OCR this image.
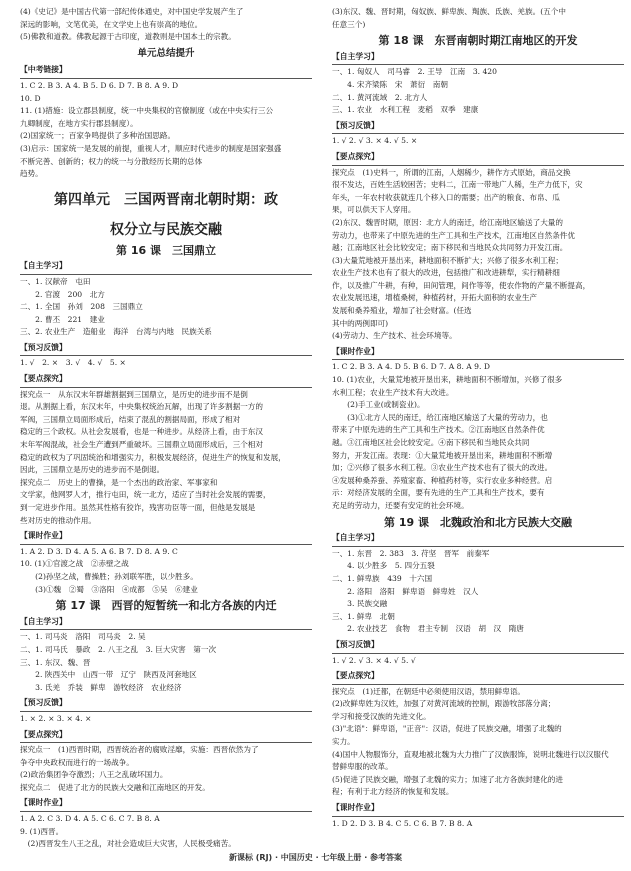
(4)《史记》是中国古代第一部纪传体通史，对中国史学发展产生了
深远的影响，文笔优美，在文学史上也有崇高的地位。
(5)佛教和道教。佛教起源于古印度，道教则是中国本土的宗教。
单元总结提升
【中考链接】
1. C 2. B 3. A 4. B 5. D 6. D 7. B 8. A 9. D
10. D
11. (1)措施：设立郡县制度，统一中央集权的官僚制度（或在中央实行三公
九卿制度，在地方实行郡县制度）。
(2)国家统一；百家争鸣提供了多种治国思路。
(3)启示：国家统一是发展的前提，重视人才，顺应时代进步的制度是国家强盛
不断完善、创新的；权力的统一与分散经历长期的总体
趋势。
第四单元　三国两晋南北朝时期：政
权分立与民族交融
第 16 课　三国鼎立
【自主学习】
一、1. 汉献帝　屯田
　　2. 官渡　200　北方
二、1. 全国　孙刘　208　三国鼎立
　　2. 曹丕　221　建业
三、2. 农业生产　造船业　海洋　台湾与内地　民族关系
【预习反馈】
1. √　2. ×　3. √　4. √　5. ×
【要点探究】
探究点一　从东汉末年群雄割据到三国鼎立，是历史的进步而不是倒
退。从割据上看，东汉末年，中央集权统治瓦解，出现了许多割据一方的
军阀，三国鼎立局面形成后，结束了混乱的割据局面，形成了相对
稳定的三个政权。从社会发展看，也是一种进步。从经济上看，由于东汉
末年军阀混战，社会生产遭到严重破坏。三国鼎立局面形成后，三个相对
稳定的政权为了巩固统治和增强实力，积极发展经济，促进生产的恢复和发展，
因此，三国鼎立是历史的进步而不是倒退。
探究点二　历史上的曹操，是一个杰出的政治家、军事家和
文学家，他网罗人才，推行屯田，统一北方，适应了当时社会发展的需要，
到一定进步作用。虽然其性格有狡诈，残害功臣等一面，但他是发展是
些对历史的推动作用。
【课时作业】
1. A 2. D 3. D 4. A 5. A 6. B 7. D 8. A 9. C
10. (1)①官渡之战　②赤壁之战
　　(2)孙坚之战，曹操胜；孙刘联军胜，以少胜多。
　　(3)①魏　②蜀　③洛阳　④成都　⑤吴　⑥建业
第 17 课　西晋的短暂统一和北方各族的内迁
【自主学习】
一、1. 司马炎　洛阳　司马炎　2. 吴
二、1. 司马氏　暴政　2. 八王之乱　3. 巨大灾害　第一次
三、1. 东汉、魏、晋
　　2. 陕西关中　山西一带　辽宁　陕西及河套地区
　　3. 氐羌　乔装　鲜卑　游牧经济　农业经济
【预习反馈】
1. × 2. × 3. × 4. ×
【要点探究】
探究点一　(1)西晋时期，西晋统治者的腐败淫靡，实施：西晋依然为了
争夺中央政权而进行的一场战争。
(2)政治集团争夺激烈；八王之乱破坏国力。
探究点二　促进了北方的民族大交融和江南地区的开发。
【课时作业】
1. A 2. C 3. D 4. A 5. C 6. C 7. B 8. A
9. (1)西晋。
　(2)西晋发生八王之乱，对社会造成巨大灾害，人民极受痛苦。
(3)东汉、魏、晋时期，匈奴族、鲜卑族、羯族、氐族、羌族。(五个中
任意三个)
第 18 课　东晋南朝时期江南地区的开发
【自主学习】
一、1. 匈奴人　司马睿　2. 王导　江南　3. 420
　　4. 宋齐梁陈　宋　萧衍　南朝
二、1. 黄河流域　2. 北方人
三、1. 农业　水利工程　麦稻　双季　建康
【预习反馈】
1. √ 2. √ 3. × 4. √ 5. ×
【要点探究】
探究点　(1)史料一，所谓的江南，人烟稀少，耕作方式原始，商品交换
很不发达，百姓生活较困苦；史料二，江南一带地广人稀，生产力低下，灾
年头，一年农村收获就连几个移入口的需要；出产的粮食、布帛、瓜
果，可以供天下人穿用。
(2)东汉、魏晋时期，原因：北方人的南迁，给江南地区输送了大量的
劳动力，也带来了中原先进的生产工具和生产技术，江南地区自然条件优
越；江南地区社会比较安定；南下移民和当地民众共同努力开发江南。
(3)大量荒地被开垦出来，耕地面积不断扩大；兴修了很多水利工程；
农业生产技术也有了很大的改进，包括推广和改进耕犁，实行精耕细
作，以及推广牛耕，有种，田间管理，间作等等，使农作物的产量不断提高，
农业发展迅速，增植桑树，种植药材，开拓大面积的农业生产
发展和桑养殖业，增加了社会财富。(任选
其中的两例即可)
(4)劳动力、生产技术、社会环境等。
【课时作业】
1. C 2. B 3. A 4. D 5. B 6. D 7. A 8. A 9. D
10. (1)农业，大量荒地被开垦出来，耕地面积不断增加，兴修了很多
水利工程；农业生产技术有大改进。
　　(2)手工业(或制瓷业)。
　　(3)①北方人民的南迁，给江南地区输送了大量的劳动力，也
带来了中原先进的生产工具和生产技术。②江南地区自然条件优
越。③江南地区社会比较安定。④南下移民和当地民众共同
努力，开发江南。表现：①大量荒地被开垦出来，耕地面积不断增
加；②兴修了很多水利工程。③农业生产技术也有了很大的改进。
④发展种桑养蚕、养殖家畜、种植药材等，实行农业多种经营。启
示：对经济发展的全面，要有先进的生产工具和生产技术，要有
充足的劳动力，还要有安定的社会环境。
第 19 课　北魏政治和北方民族大交融
【自主学习】
一、1. 东晋　2. 383　3. 苻坚　晋军　前秦军
　　4. 以少胜多　5. 四分五裂
二、1. 鲜卑族　439　十六国
　　2. 洛阳　洛阳　鲜卑语　鲜卑姓　汉人
　　3. 民族交融
三、1. 鲜卑　北朝
　　2. 农业技艺　食物　君主专制　汉语　胡　汉　隋唐
【预习反馈】
1. √ 2. √ 3. × 4. √ 5. √
【要点探究】
探究点　(1)迁都，在朝廷中必须使用汉语，禁用鲜卑语。
(2)改鲜卑姓为汉姓，加强了对黄河流域的控制，跟游牧部落分离；
学习和接受汉族的先进文化。
(3)"北语"：鲜卑语，"正音"：汉语，促进了民族交融，增强了北魏的
实力。
(4)国中人物服饰分，直观地被北魏为大力推广了汉族服饰，说明北魏进行以汉服代
替鲜卑服的改革。
(5)促进了民族交融，增强了北魏的实力；加速了北方各族封建化的进
程；有利于北方经济的恢复和发展。
【课时作业】
1. D 2. D 3. B 4. C 5. C 6. B 7. B 8. A
新课标 (RJ) · 中国历史 · 七年级上册 · 参考答案
